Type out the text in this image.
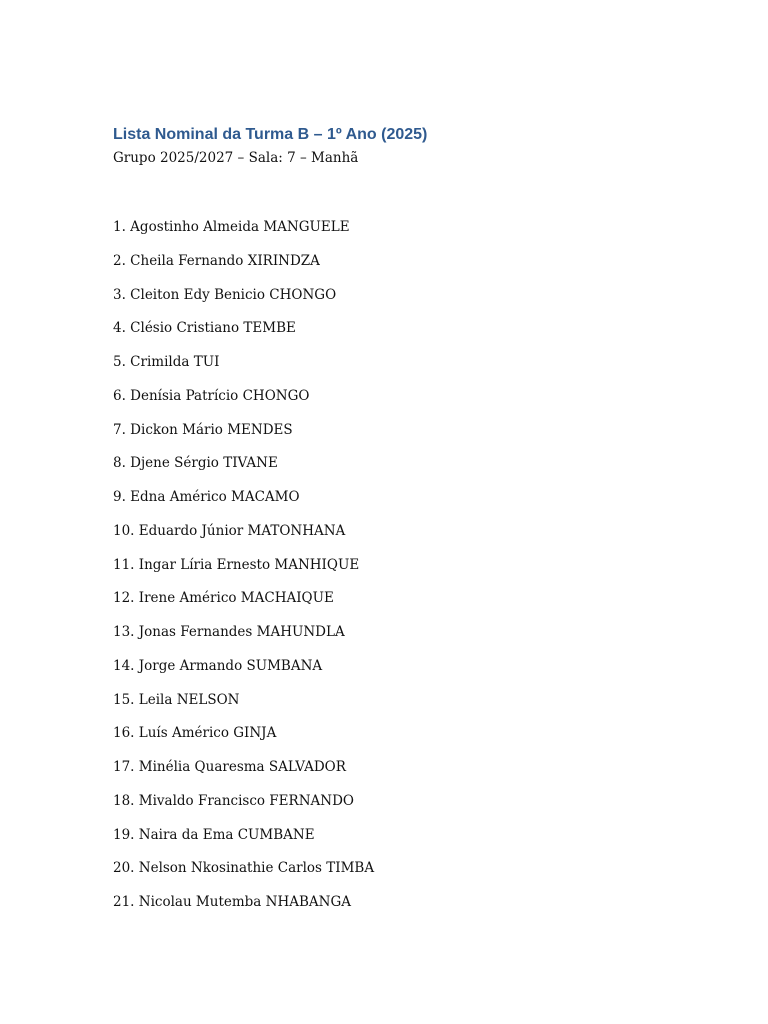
Lista Nominal da Turma B – 1º Ano (2025)

Grupo 2025/2027 – Sala: 7 – Manhã

1. Agostinho Almeida MANGUELE
2. Cheila Fernando XIRINDZA
3. Cleiton Edy Benicio CHONGO
4. Clésio Cristiano TEMBE
5. Crimilda TUI
6. Denísia Patrício CHONGO
7. Dickon Mário MENDES
8. Djene Sérgio TIVANE
9. Edna Américo MACAMO
10. Eduardo Júnior MATONHANA
11. Ingar Líria Ernesto MANHIQUE
12. Irene Américo MACHAIQUE
13. Jonas Fernandes MAHUNDLA
14. Jorge Armando SUMBANA
15. Leila NELSON
16. Luís Américo GINJA
17. Minélia Quaresma SALVADOR
18. Mivaldo Francisco FERNANDO
19. Naira da Ema CUMBANE
20. Nelson Nkosinathie Carlos TIMBA
21. Nicolau Mutemba NHABANGA
